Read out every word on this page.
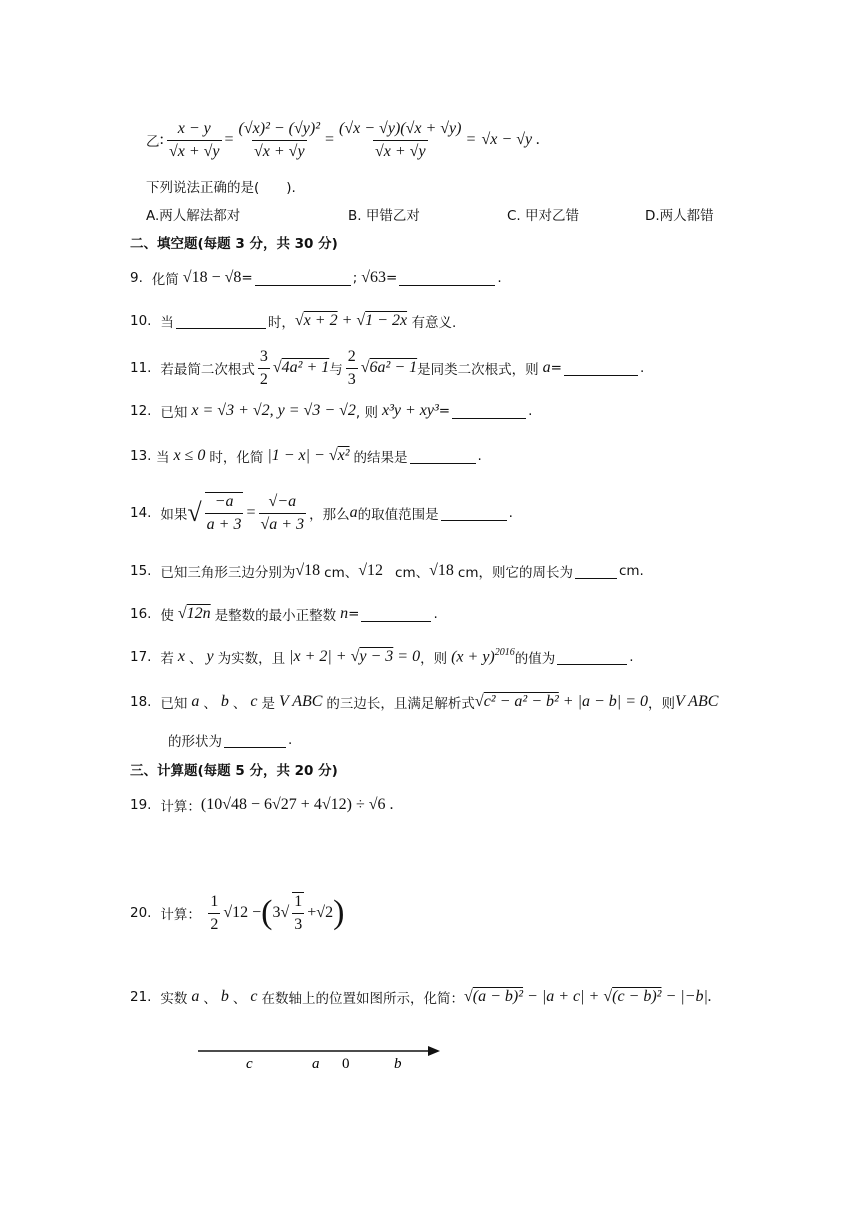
乙 : $\frac{x - y}{√x + √y} = \frac{\text{(√x)² − (√y)²}}{√x + √y} = \frac{(√x - √y)(√x + √y)}{√x + √y} = √x - √y$ .
下列说法正确的是(　　).
A.两人解法都对	B. 甲错乙对	C. 甲对乙错	D.两人都错
二、填空题(每题 3 分，共 30 分)
9.
化简 √18 − √8 =	; √63 =	.
10.
当	时， √x + 2 + √1 − 2x
有意义.
11.
若最简二次根式 $\frac{3}{2} √4a^2 + 1$ 与 $\frac{2}{3} √6a^2 - 1$ 是同类二次根式，则 a =	.
12.
已知 x = √3 + √2, y = √3 − √2 , 则 x³y + xy³ =	.
13.
当 x ≤ 0 时，化简 |1 − x| − √x² 的结果是	.
14.
如果 √ $\frac{-a}{a + 3} = \frac{√-a}{√a + 3}$ ，那么 a 的取值范围是	.
15.
已知三角形三边分别为 √18 cm、 √12 cm、 √18 cm，则它的周长为	cm.
16.
使 √12n 是整数的最小正整数 n =	.
17.
若 x 、 y 为实数，且 |x + 2| + √y − 3 = 0 ，则 $(x + y)^{2016}$ 的值为	.
18.
已知 a 、 b 、 c 是 V ABC 的三边长，且满足解析式 √c² − a² − b² + |a − b| = 0 ，则 V ABC
的形状为	.
三、计算题(每题 5 分，共 20 分)
19.
计算： (10√48 − 6√27 + 4√12) ÷ √6 .
20.
计算：
$\frac{1}{2} √12$ − ( $3√ \frac{1}{3} +√2$ )
21.
实数 a 、 b 、 c 在数轴上的位置如图所示，化简： √(a − b)² − |a + c| + √(c − b)² − |−b|.
c	a 0	b
